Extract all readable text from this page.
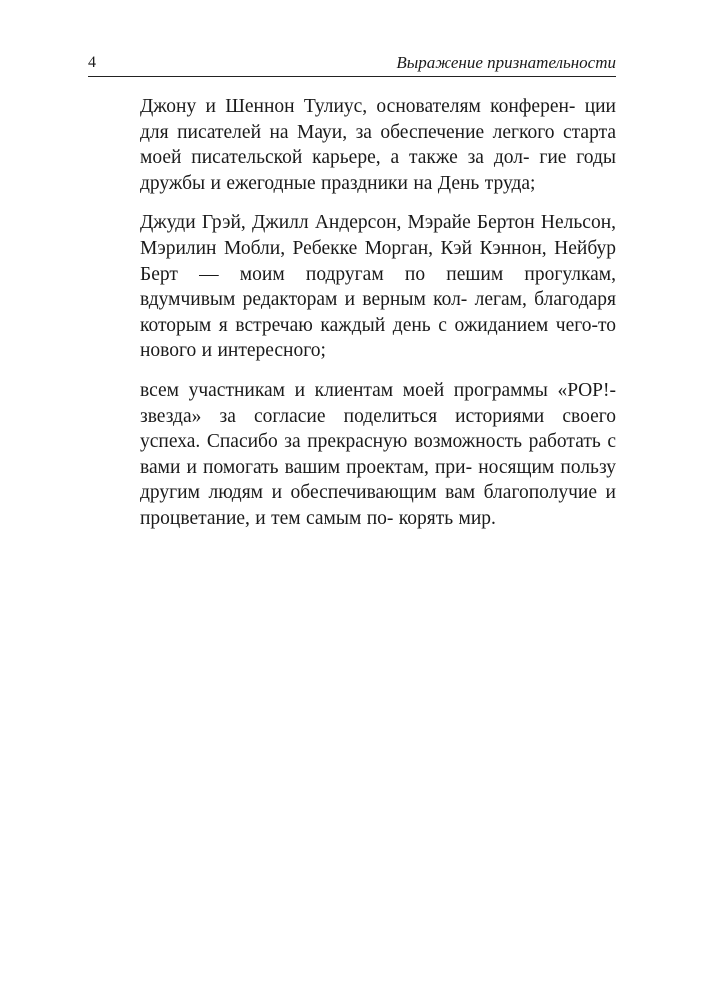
4	Выражение признательности

Джону и Шеннон Тулиус, основателям конферен- ции для писателей на Мауи, за обеспечение легкого старта моей писательской карьере, а также за дол- гие годы дружбы и ежегодные праздники на День труда;

Джуди Грэй, Джилл Андерсон, Мэрайе Бертон Нельсон, Мэрилин Мобли, Ребекке Морган, Кэй Кэннон, Нейбур Берт — моим подругам по пешим прогулкам, вдумчивым редакторам и верным кол- легам, благодаря которым я встречаю каждый день с ожиданием чего-то нового и интересного;

всем участникам и клиентам моей программы «POP!-звезда» за согласие поделиться историями своего успеха. Спасибо за прекрасную возможность работать с вами и помогать вашим проектам, при- носящим пользу другим людям и обеспечивающим вам благополучие и процветание, и тем самым по- корять мир.
